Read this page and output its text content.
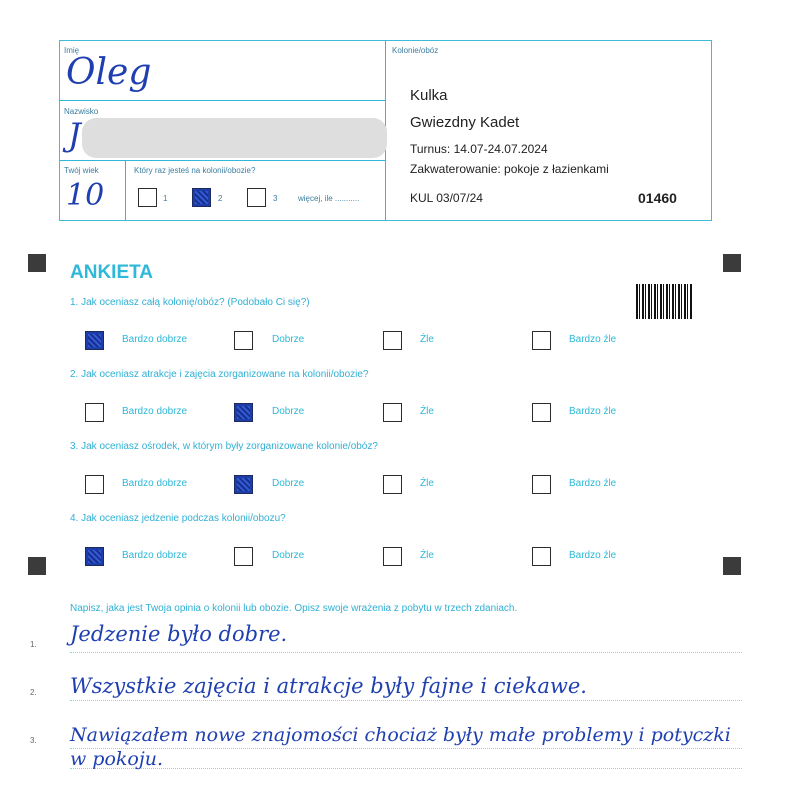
Imię
Oleg
Nazwisko
J
Twój wiek
10
Który raz jesteś na kolonii/obozie?
1	2	3	więcej, ile ...........
Kolonie/obóz
Kulka
Gwiezdny Kadet
Turnus: 14.07-24.07.2024
Zakwaterowanie: pokoje z łazienkami
KUL 03/07/24	01460
ANKIETA
1. Jak oceniasz całą kolonię/obóz? (Podobało Ci się?)
Bardzo dobrze	Dobrze	Źle	Bardzo źle
2. Jak oceniasz atrakcje i zajęcia zorganizowane na kolonii/obozie?
Bardzo dobrze	Dobrze	Źle	Bardzo źle
3. Jak oceniasz ośrodek, w którym były zorganizowane kolonie/obóz?
Bardzo dobrze	Dobrze	Źle	Bardzo źle
4. Jak oceniasz jedzenie podczas kolonii/obozu?
Bardzo dobrze	Dobrze	Źle	Bardzo źle
Napisz, jaka jest Twoja opinia o kolonii lub obozie. Opisz swoje wrażenia z pobytu w trzech zdaniach.
1. Jedzenie było dobre.
2. Wszystkie zajęcia i atrakcje były fajne i ciekawe.
3. Nawiązałem nowe znajomości chociaż były małe problemy i potyczki
w pokoju.
